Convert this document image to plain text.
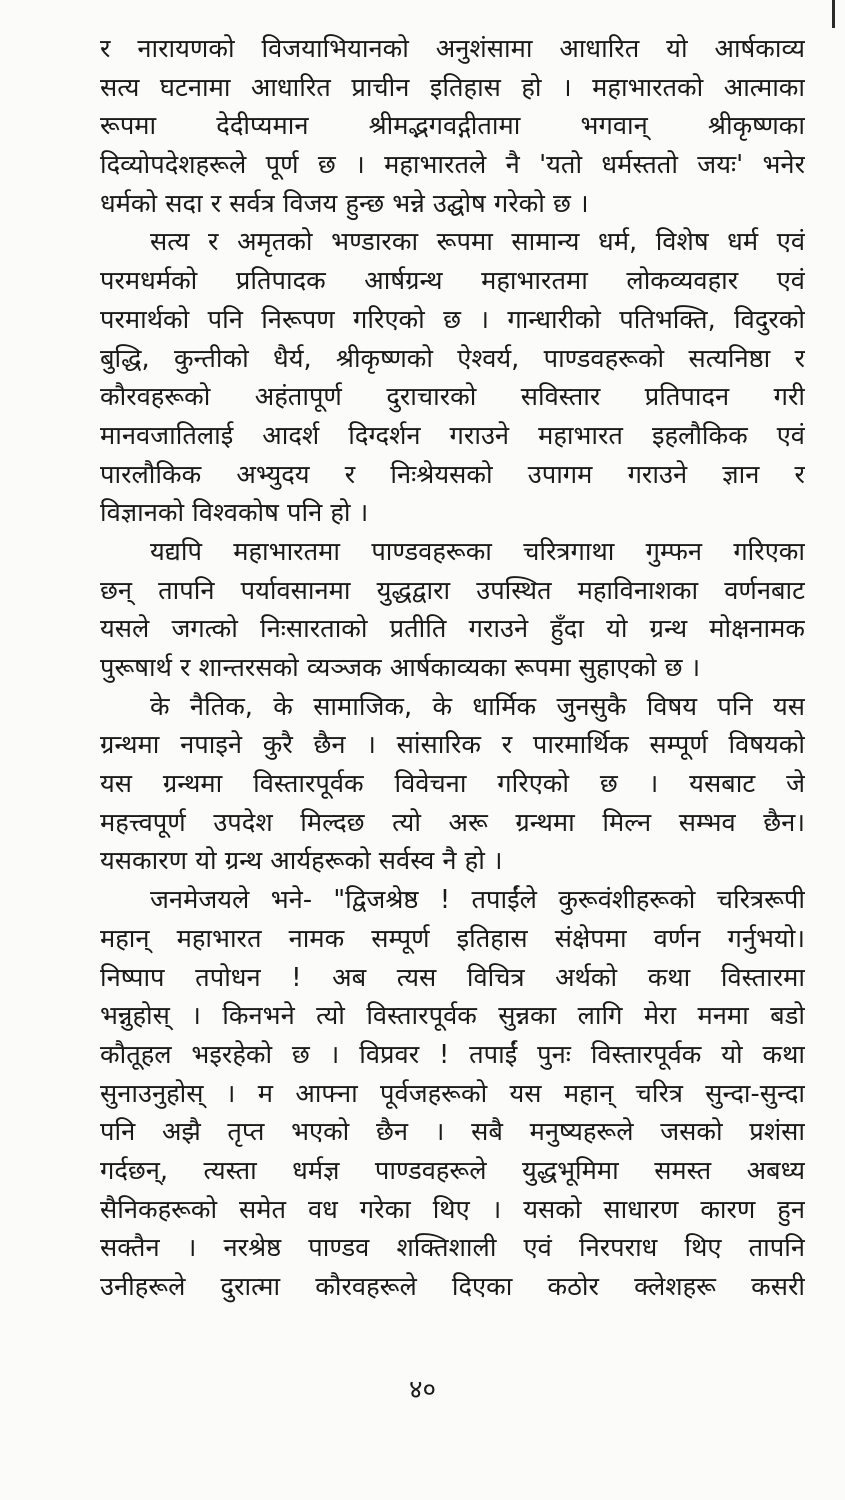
र नारायणको विजयाभियानको अनुशंसामा आधारित यो आर्षकाव्य
सत्य घटनामा आधारित प्राचीन इतिहास हो । महाभारतको आत्माका
रूपमा देदीप्यमान श्रीमद्भगवद्गीतामा भगवान् श्रीकृष्णका
दिव्योपदेशहरूले पूर्ण छ । महाभारतले नै 'यतो धर्मस्ततो जयः' भनेर
धर्मको सदा र सर्वत्र विजय हुन्छ भन्ने उद्घोष गरेको छ ।
सत्य र अमृतको भण्डारका रूपमा सामान्य धर्म, विशेष धर्म एवं
परमधर्मको प्रतिपादक आर्षग्रन्थ महाभारतमा लोकव्यवहार एवं
परमार्थको पनि निरूपण गरिएको छ । गान्धारीको पतिभक्ति, विदुरको
बुद्धि, कुन्तीको धैर्य, श्रीकृष्णको ऐश्वर्य, पाण्डवहरूको सत्यनिष्ठा र
कौरवहरूको अहंतापूर्ण दुराचारको सविस्तार प्रतिपादन गरी
मानवजातिलाई आदर्श दिग्दर्शन गराउने महाभारत इहलौकिक एवं
पारलौकिक अभ्युदय र निःश्रेयसको उपागम गराउने ज्ञान र
विज्ञानको विश्वकोष पनि हो ।
यद्यपि महाभारतमा पाण्डवहरूका चरित्रगाथा गुम्फन गरिएका
छन् तापनि पर्यावसानमा युद्धद्वारा उपस्थित महाविनाशका वर्णनबाट
यसले जगत्को निःसारताको प्रतीति गराउने हुँदा यो ग्रन्थ मोक्षनामक
पुरूषार्थ र शान्तरसको व्यञ्जक आर्षकाव्यका रूपमा सुहाएको छ ।
के नैतिक, के सामाजिक, के धार्मिक जुनसुकै विषय पनि यस
ग्रन्थमा नपाइने कुरै छैन । सांसारिक र पारमार्थिक सम्पूर्ण विषयको
यस ग्रन्थमा विस्तारपूर्वक विवेचना गरिएको छ । यसबाट जे
महत्त्वपूर्ण उपदेश मिल्दछ त्यो अरू ग्रन्थमा मिल्न सम्भव छैन।
यसकारण यो ग्रन्थ आर्यहरूको सर्वस्व नै हो ।
जनमेजयले भने- "द्विजश्रेष्ठ ! तपाईंले कुरूवंशीहरूको चरित्ररूपी
महान् महाभारत नामक सम्पूर्ण इतिहास संक्षेपमा वर्णन गर्नुभयो।
निष्पाप तपोधन ! अब त्यस विचित्र अर्थको कथा विस्तारमा
भन्नुहोस् । किनभने त्यो विस्तारपूर्वक सुन्नका लागि मेरा मनमा बडो
कौतूहल भइरहेको छ । विप्रवर ! तपाईं पुनः विस्तारपूर्वक यो कथा
सुनाउनुहोस् । म आफ्ना पूर्वजहरूको यस महान् चरित्र सुन्दा-सुन्दा
पनि अझै तृप्त भएको छैन । सबै मनुष्यहरूले जसको प्रशंसा
गर्दछन्, त्यस्ता धर्मज्ञ पाण्डवहरूले युद्धभूमिमा समस्त अबध्य
सैनिकहरूको समेत वध गरेका थिए । यसको साधारण कारण हुन
सक्तैन । नरश्रेष्ठ पाण्डव शक्तिशाली एवं निरपराध थिए तापनि
उनीहरूले दुरात्मा कौरवहरूले दिएका कठोर क्लेशहरू कसरी
४०
